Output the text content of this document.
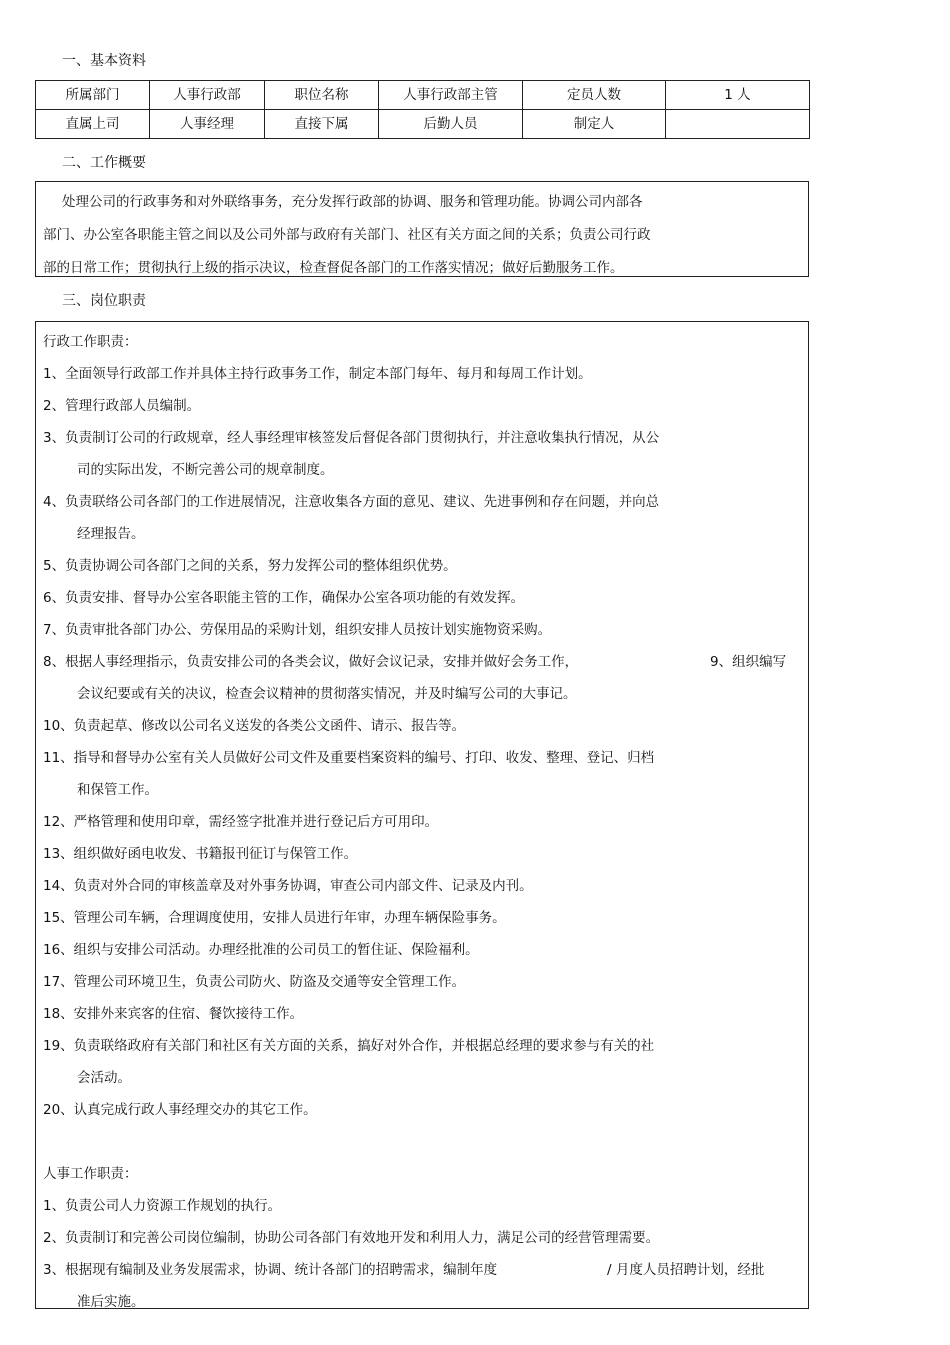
一、基本资料
所属部门	人事行政部	职位名称	人事行政部主管	定员人数	1 人
直属上司	人事经理	直接下属	后勤人员	制定人	
二、工作概要
处理公司的行政事务和对外联络事务，充分发挥行政部的协调、服务和管理功能。协调公司内部各
部门、办公室各职能主管之间以及公司外部与政府有关部门、社区有关方面之间的关系；负责公司行政
部的日常工作；贯彻执行上级的指示决议，检查督促各部门的工作落实情况；做好后勤服务工作。
三、岗位职责
行政工作职责：
1、全面领导行政部工作并具体主持行政事务工作，制定本部门每年、每月和每周工作计划。
2、管理行政部人员编制。
3、负责制订公司的行政规章，经人事经理审核签发后督促各部门贯彻执行，并注意收集执行情况，从公
司的实际出发，不断完善公司的规章制度。
4、负责联络公司各部门的工作进展情况，注意收集各方面的意见、建议、先进事例和存在问题，并向总
经理报告。
5、负责协调公司各部门之间的关系，努力发挥公司的整体组织优势。
6、负责安排、督导办公室各职能主管的工作，确保办公室各项功能的有效发挥。
7、负责审批各部门办公、劳保用品的采购计划，组织安排人员按计划实施物资采购。
8、根据人事经理指示，负责安排公司的各类会议，做好会议记录，安排并做好会务工作，	9、组织编写
会议纪要或有关的决议，检查会议精神的贯彻落实情况，并及时编写公司的大事记。
10、负责起草、修改以公司名义送发的各类公文函件、请示、报告等。
11、指导和督导办公室有关人员做好公司文件及重要档案资料的编号、打印、收发、整理、登记、归档
和保管工作。
12、严格管理和使用印章，需经签字批准并进行登记后方可用印。
13、组织做好函电收发、书籍报刊征订与保管工作。
14、负责对外合同的审核盖章及对外事务协调，审查公司内部文件、记录及内刊。
15、管理公司车辆，合理调度使用，安排人员进行年审，办理车辆保险事务。
16、组织与安排公司活动。办理经批准的公司员工的暂住证、保险福利。
17、管理公司环境卫生，负责公司防火、防盗及交通等安全管理工作。
18、安排外来宾客的住宿、餐饮接待工作。
19、负责联络政府有关部门和社区有关方面的关系，搞好对外合作，并根据总经理的要求参与有关的社
会活动。
20、认真完成行政人事经理交办的其它工作。
人事工作职责：
1、负责公司人力资源工作规划的执行。
2、负责制订和完善公司岗位编制，协助公司各部门有效地开发和利用人力，满足公司的经营管理需要。
3、根据现有编制及业务发展需求，协调、统计各部门的招聘需求，编制年度	/ 月度人员招聘计划，经批
准后实施。
